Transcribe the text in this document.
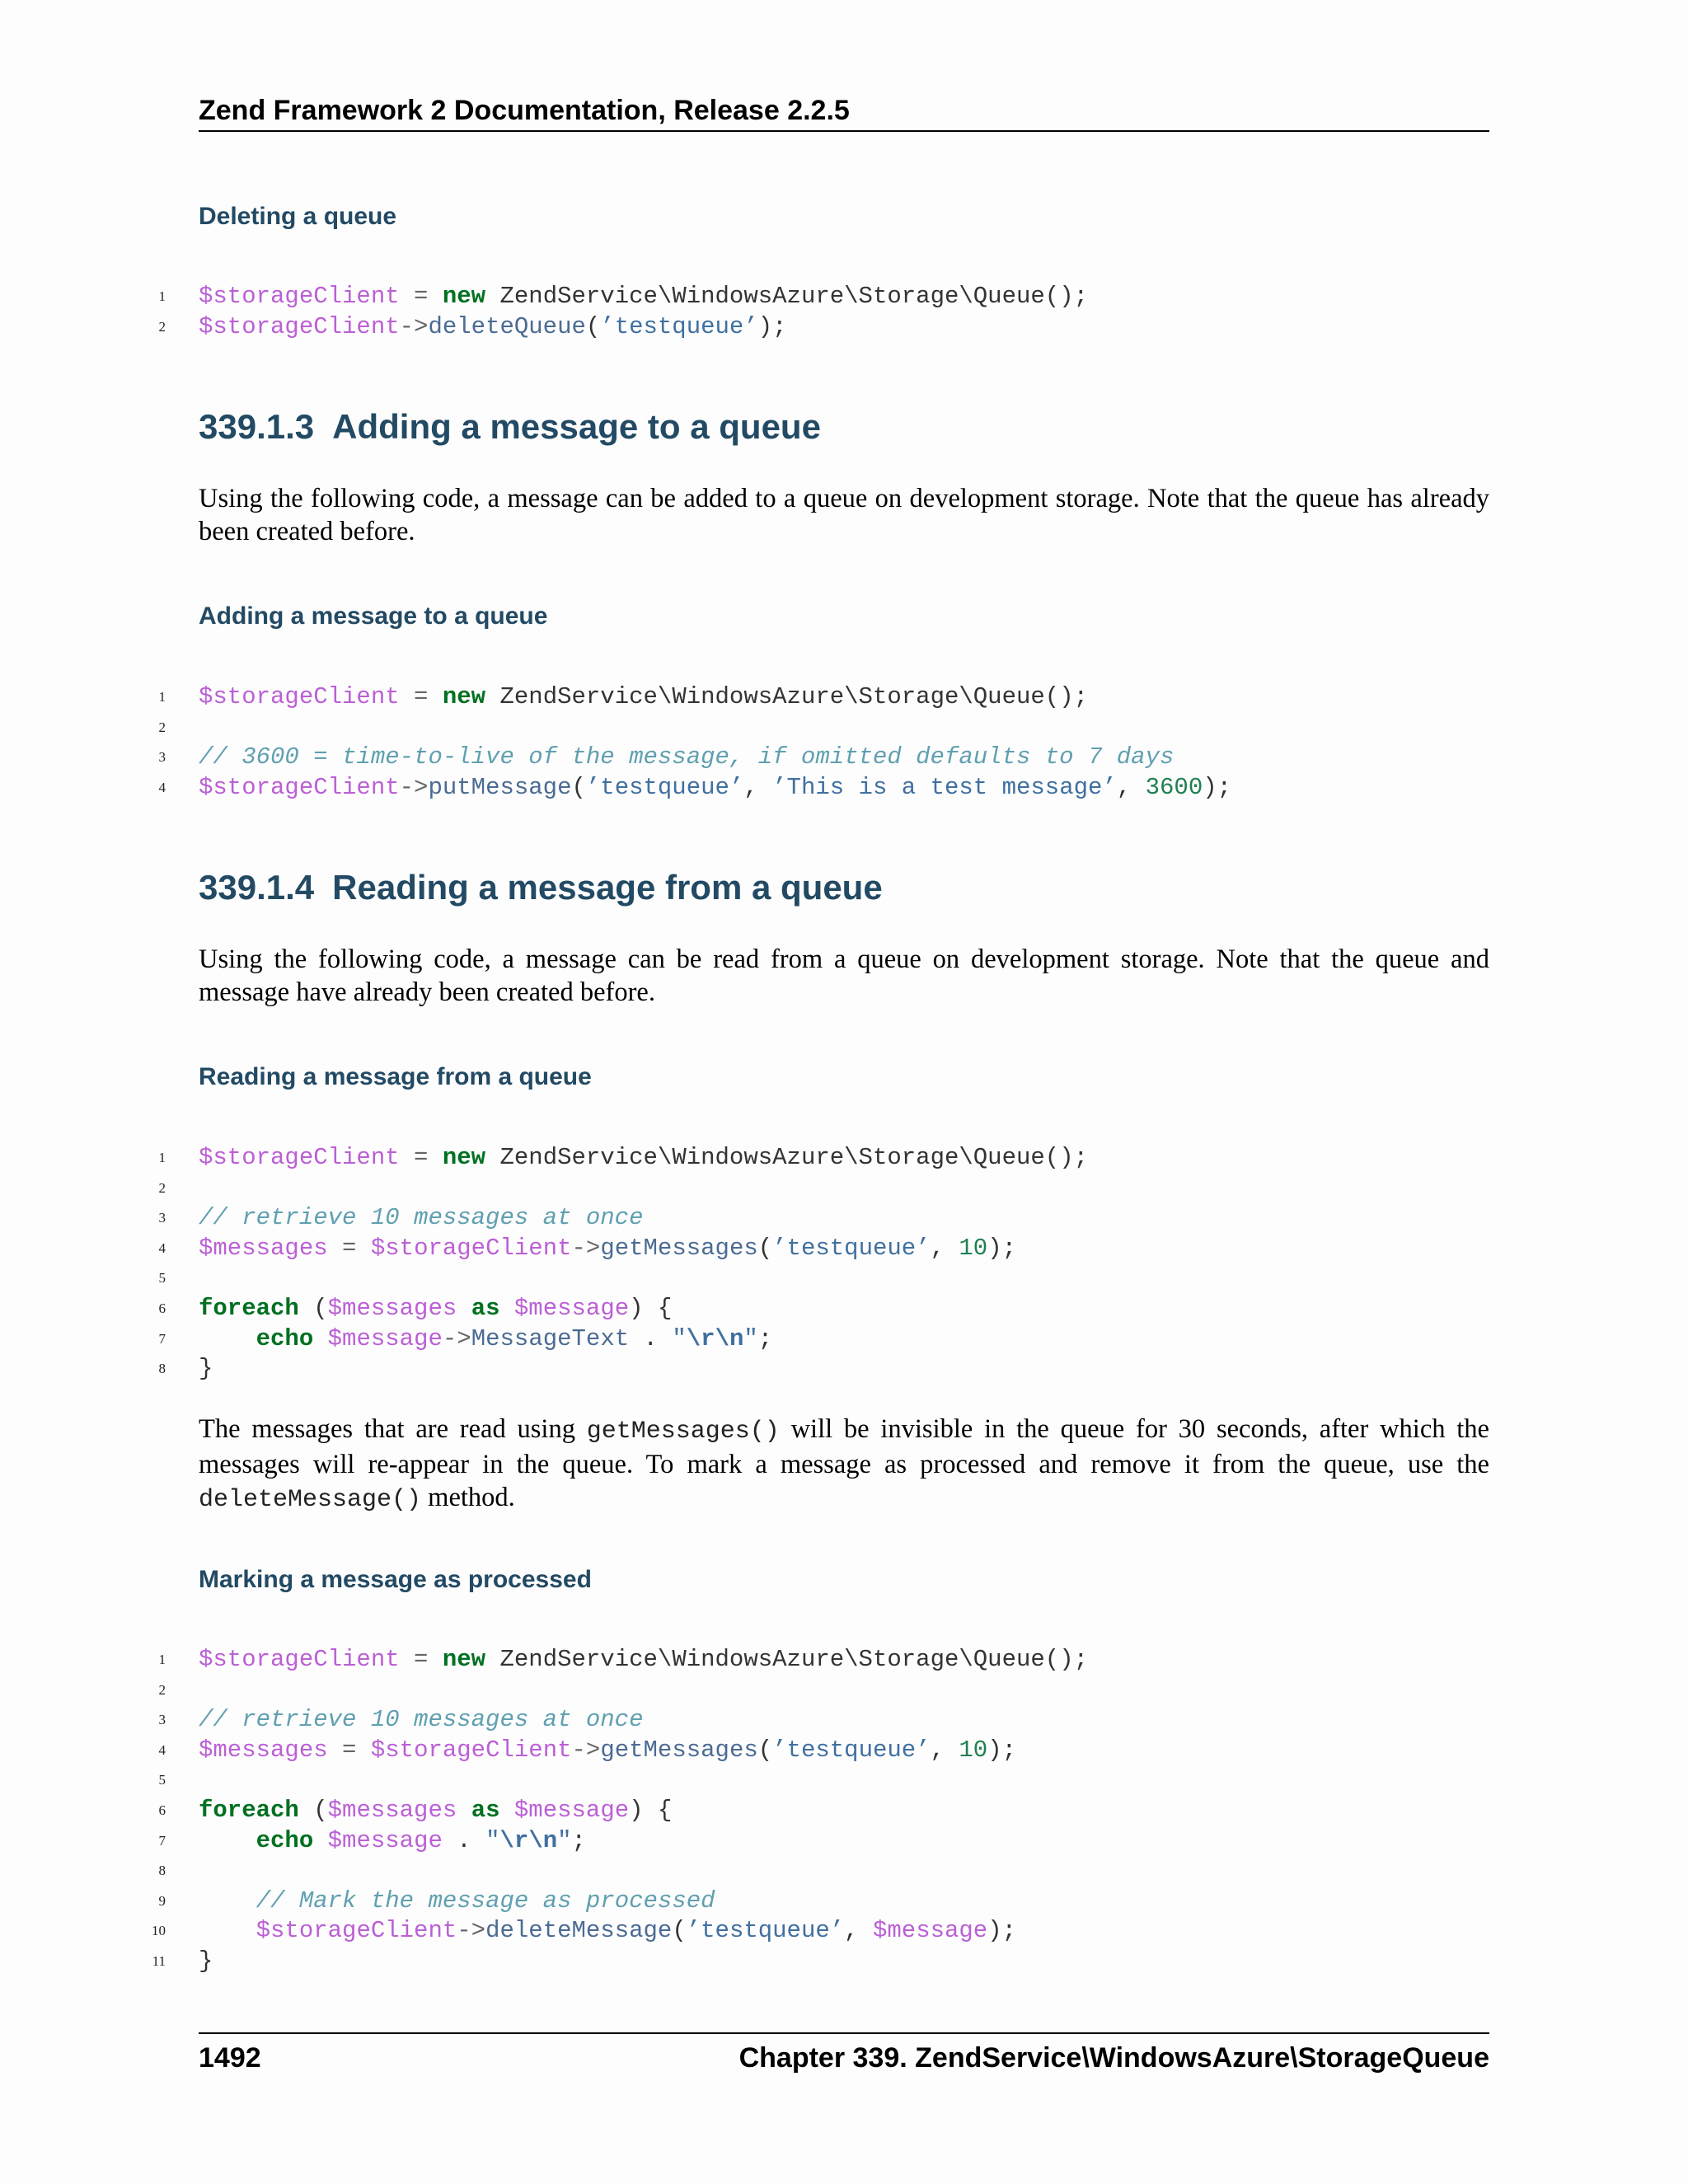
Zend Framework 2 Documentation, Release 2.2.5
Deleting a queue
1 $storageClient = new ZendService\WindowsAzure\Storage\Queue();
2 $storageClient->deleteQueue(’testqueue’);
339.1.3 Adding a message to a queue
Using the following code, a message can be added to a queue on development storage. Note that the queue has already been created before.
Adding a message to a queue
1 $storageClient = new ZendService\WindowsAzure\Storage\Queue();
2
3 // 3600 = time-to-live of the message, if omitted defaults to 7 days
4 $storageClient->putMessage(’testqueue’, ’This is a test message’, 3600);
339.1.4 Reading a message from a queue
Using the following code, a message can be read from a queue on development storage. Note that the queue and message have already been created before.
Reading a message from a queue
1 $storageClient = new ZendService\WindowsAzure\Storage\Queue();
2
3 // retrieve 10 messages at once
4 $messages = $storageClient->getMessages(’testqueue’, 10);
5
6 foreach ($messages as $message) {
7	echo $message->MessageText . "\r\n";
8 }
The messages that are read using getMessages() will be invisible in the queue for 30 seconds, after which the messages will re-appear in the queue. To mark a message as processed and remove it from the queue, use the deleteMessage() method.
Marking a message as processed
1 $storageClient = new ZendService\WindowsAzure\Storage\Queue();
2
3 // retrieve 10 messages at once
4 $messages = $storageClient->getMessages(’testqueue’, 10);
5
6 foreach ($messages as $message) {
7	echo $message . "\r\n";
8
9	// Mark the message as processed
10	$storageClient->deleteMessage(’testqueue’, $message);
11 }
1492	Chapter 339. ZendService\WindowsAzure\StorageQueue
